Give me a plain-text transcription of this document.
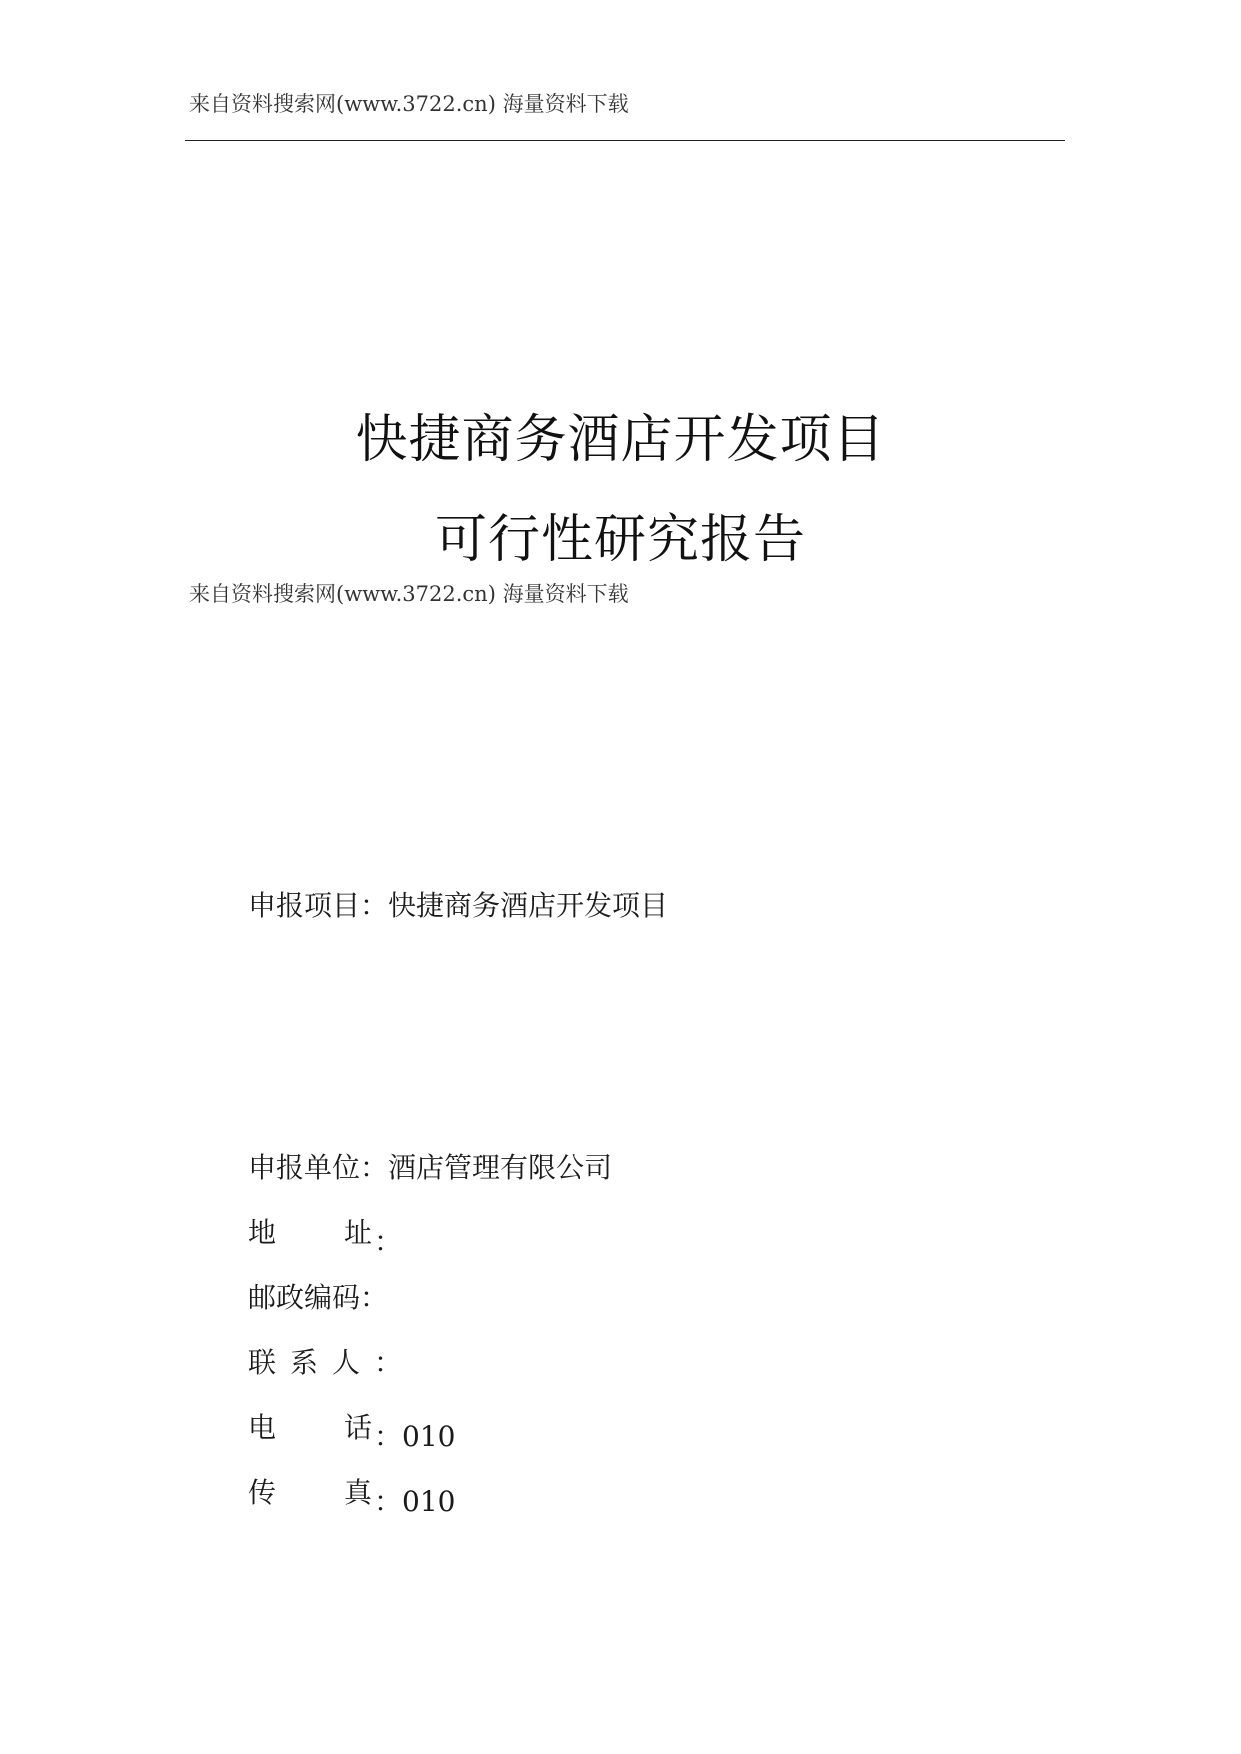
来自资料搜索网(www.3722.cn) 海量资料下载
快捷商务酒店开发项目
可行性研究报告
来自资料搜索网(www.3722.cn) 海量资料下载
申报项目：快捷商务酒店开发项目
申报单位：酒店管理有限公司
地 址 ：
邮政编码：
联系人：
电 话 ：010
传 真 ：010
